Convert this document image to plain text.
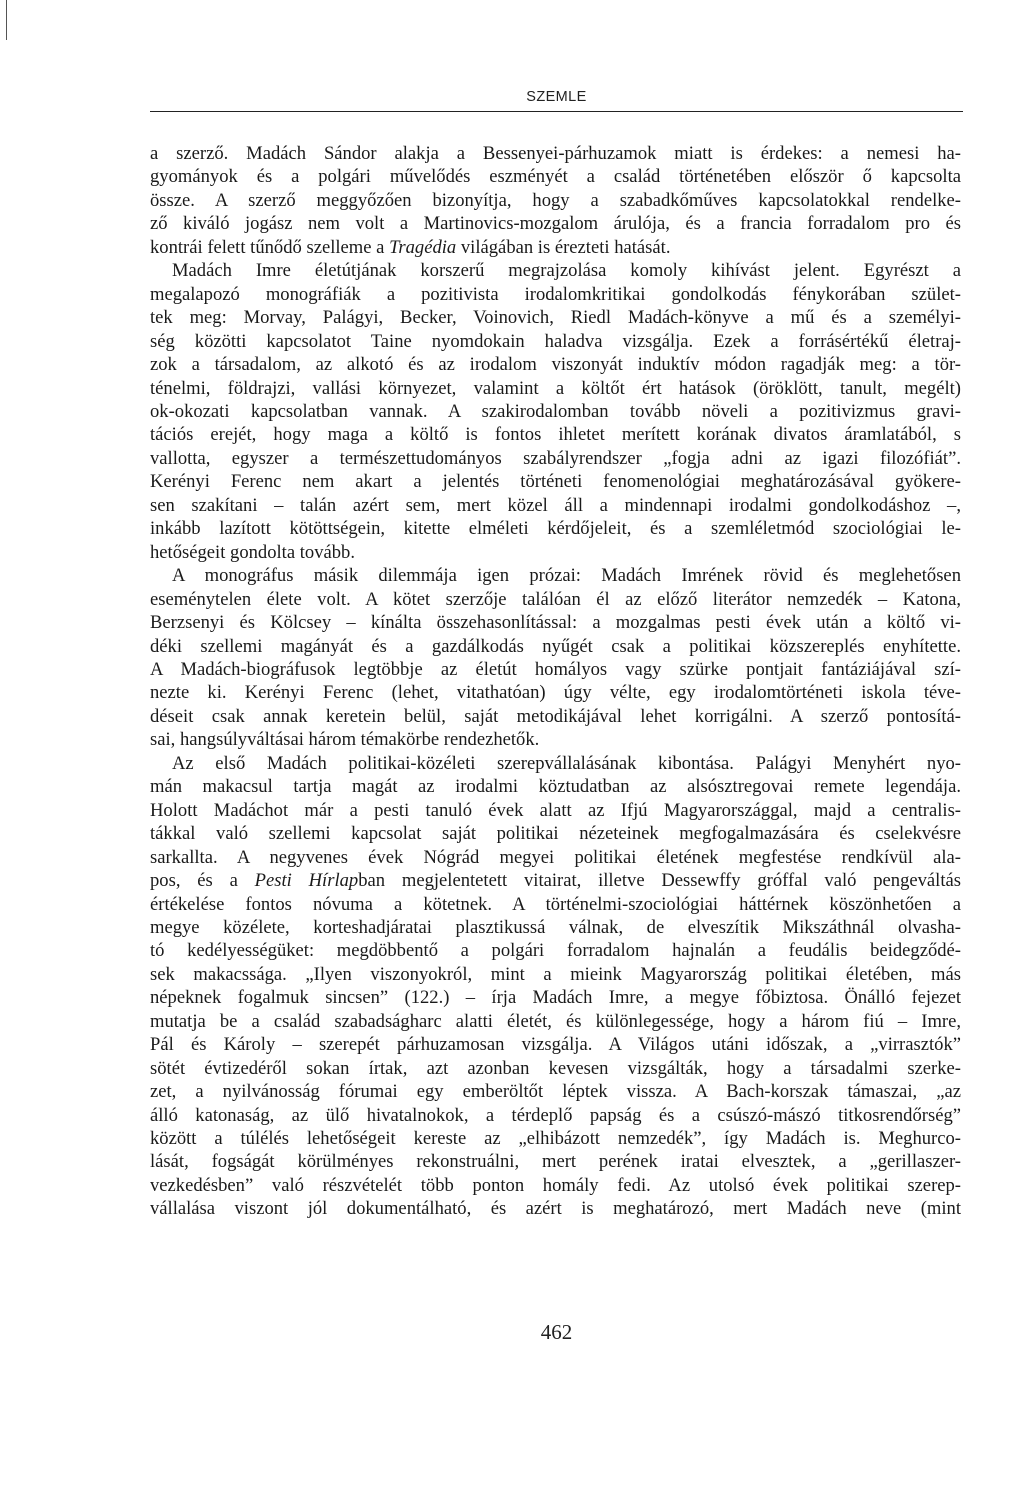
SZEMLE

a szerző. Madách Sándor alakja a Bessenyei-párhuzamok miatt is érdekes: a nemesi ha-
gyományok és a polgári művelődés eszményét a család történetében először ő kapcsolta
össze. A szerző meggyőzően bizonyítja, hogy a szabadkőműves kapcsolatokkal rendelke-
ző kiváló jogász nem volt a Martinovics-mozgalom árulója, és a francia forradalom pro és
kontrái felett tűnődő szelleme a Tragédia világában is érezteti hatását.

Madách Imre életútjának korszerű megrajzolása komoly kihívást jelent. Egyrészt a
megalapozó monográfiák a pozitivista irodalomkritikai gondolkodás fénykorában szület-
tek meg: Morvay, Palágyi, Becker, Voinovich, Riedl Madách-könyve a mű és a személyi-
ség közötti kapcsolatot Taine nyomdokain haladva vizsgálja. Ezek a forrásértékű életraj-
zok a társadalom, az alkotó és az irodalom viszonyát induktív módon ragadják meg: a tör-
ténelmi, földrajzi, vallási környezet, valamint a költőt ért hatások (öröklött, tanult, megélt)
ok-okozati kapcsolatban vannak. A szakirodalomban tovább növeli a pozitivizmus gravi-
tációs erejét, hogy maga a költő is fontos ihletet merített korának divatos áramlatából, s
vallotta, egyszer a természettudományos szabályrendszer „fogja adni az igazi filozófiát”.
Kerényi Ferenc nem akart a jelentés történeti fenomenológiai meghatározásával gyökere-
sen szakítani – talán azért sem, mert közel áll a mindennapi irodalmi gondolkodáshoz –,
inkább lazított kötöttségein, kitette elméleti kérdőjeleit, és a szemléletmód szociológiai le-
hetőségeit gondolta tovább.

A monográfus másik dilemmája igen prózai: Madách Imrének rövid és meglehetősen
eseménytelen élete volt. A kötet szerzője találóan él az előző literátor nemzedék – Katona,
Berzsenyi és Kölcsey – kínálta összehasonlítással: a mozgalmas pesti évek után a költő vi-
déki szellemi magányát és a gazdálkodás nyűgét csak a politikai közszereplés enyhítette.
A Madách-biográfusok legtöbbje az életút homályos vagy szürke pontjait fantáziájával szí-
nezte ki. Kerényi Ferenc (lehet, vitathatóan) úgy vélte, egy irodalomtörténeti iskola téve-
déseit csak annak keretein belül, saját metodikájával lehet korrigálni. A szerző pontosítá-
sai, hangsúlyváltásai három témakörbe rendezhetők.

Az első Madách politikai-közéleti szerepvállalásának kibontása. Palágyi Menyhért nyo-
mán makacsul tartja magát az irodalmi köztudatban az alsósztregovai remete legendája.
Holott Madáchot már a pesti tanuló évek alatt az Ifjú Magyarországgal, majd a centralis-
tákkal való szellemi kapcsolat saját politikai nézeteinek megfogalmazására és cselekvésre
sarkallta. A negyvenes évek Nógrád megyei politikai életének megfestése rendkívül ala-
pos, és a Pesti Hírlapban megjelentetett vitairat, illetve Dessewffy gróffal való pengeváltás
értékelése fontos nóvuma a kötetnek. A történelmi-szociológiai háttérnek köszönhetően a
megye közélete, korteshadjáratai plasztikussá válnak, de elveszítik Mikszáthnál olvasha-
tó kedélyességüket: megdöbbentő a polgári forradalom hajnalán a feudális beidegződé-
sek makacssága. „Ilyen viszonyokról, mint a mieink Magyarország politikai életében, más
népeknek fogalmuk sincsen” (122.) – írja Madách Imre, a megye főbiztosa. Önálló fejezet
mutatja be a család szabadságharc alatti életét, és különlegessége, hogy a három fiú – Imre,
Pál és Károly – szerepét párhuzamosan vizsgálja. A Világos utáni időszak, a „virrasztók”
sötét évtizedéről sokan írtak, azt azonban kevesen vizsgálták, hogy a társadalmi szerke-
zet, a nyilvánosság fórumai egy emberöltőt léptek vissza. A Bach-korszak támaszai, „az
álló katonaság, az ülő hivatalnokok, a térdeplő papság és a csúszó-mászó titkosrendőrség”
között a túlélés lehetőségeit kereste az „elhibázott nemzedék”, így Madách is. Meghurco-
lását, fogságát körülményes rekonstruálni, mert perének iratai elvesztek, a „gerillaszer-
vezkedésben” való részvételét több ponton homály fedi. Az utolsó évek politikai szerep-
vállalása viszont jól dokumentálható, és azért is meghatározó, mert Madách neve (mint

462
